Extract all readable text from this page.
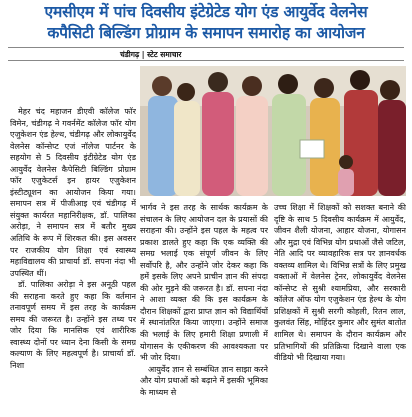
एमसीएम में पांच दिवसीय इंटेग्रेटेड योग एंड आयुर्वेद वेलनेस
कपैसिटी बिल्डिंग प्रोग्राम के समापन समारोह का आयोजन
चंडीगढ़ | स्टेट समाचार

मेहर चंद महाजन डीएवी कॉलेज फॉर विमेन, चंडीगढ़ ने गवर्नमेंट कॉलेज फॉर योग एजुकेशन एंड हेल्थ, चंडीगढ़ और लोकायुर्वेद वेलनेस कॉन्सेप्ट एजं नॉलेज पार्टनर के सहयोग से 5 दिवसीय इंटीग्रेटेड योग एंड आयुर्वेद वेलनेस कैपेसिटी बिल्डिंग प्रोग्राम फॉर एजुकेटर्स इन हायर एजुकेशन इंस्टीट्यूशन का आयोजन किया गया। समापन सत्र में पीजीआइ एवं चंडीगढ़ में संयुक्त कार्यरत महानिरीक्षक, डॉ. पालिका अरोड़ा, ने समापन सत्र में बतौर मुख्य अतिथि के रूप में शिरकत की। इस अवसर पर राजकीय योग शिक्षा एवं स्वास्थ्य महाविद्यालय की प्राचार्या डॉ. सपना नंदा भी उपस्थित थीं।

डॉ. पालिका अरोड़ा ने इस अनूठी पहल की सराहना करते हुए कहा कि वर्तमान तनावपूर्ण समय में इस तरह के कार्यक्रम समय की जरूरत है। उन्होंने इस तथ्य पर जोर दिया कि मानसिक एवं शारीरिक स्वास्थ्य दोनों पर ध्यान देना किसी के समग्र कल्याण के लिए महत्वपूर्ण है। प्राचार्या डॉ. निशा

भार्गव ने इस तरह के सार्थक कार्यक्रम के संचालन के लिए आयोजन दल के प्रयासों की सराहना की। उन्होंने इस पहल के महत्व पर प्रकाश डालते हुए कहा कि एक व्यक्ति की समग्र भलाई एक संपूर्ण जीवन के लिए सर्वोपरि है, और उन्होंने जोर देकर कहा कि हमें इसके लिए अपने प्राचीन ज्ञान की संपदा की ओर मुड़ने की जरूरत है। डॉ. सपना नंदा ने आशा व्यक्त की कि इस कार्यक्रम के दौरान शिक्षकों द्वारा प्राप्त ज्ञान को विद्यार्थियों में स्थानांतरित किया जाएगा। उन्होंने समाज की भलाई के लिए हमारी शिक्षा प्रणाली में योगासन के एकीकरण की आवश्यकता पर भी जोर दिया।

आयुर्वेद ज्ञान से सम्बंधित ज्ञान साझा करने और योग प्रथाओं को बढ़ाने में इसकी भूमिका के माध्यम से

उच्च शिक्षा में शिक्षकों को सशक्त बनाने की दृष्टि के साथ 5 दिवसीय कार्यक्रम में आयुर्वेद, जीवन शैली योजना, आहार योजना, योगासन और मुद्रा एवं विभिन्न योग प्रथाओं जैसे जटिल, नेति आदि पर व्यावहारिक सत्र पर ज्ञानवर्धक वक्तव्य शामिल थे। विभिन्न सत्रों के लिए प्रमुख वक्ताओं में वेलनेस ट्रेनर, लोकायुर्वेद वेलनेस कॉन्सेप्ट से सुश्री श्यामप्रिया, और सरकारी कॉलेज ऑफ योग एजुकेशन एंड हेल्थ के योग प्रशिक्षकों में सुश्री सरगी कोहली, रितन लाल, कुलवंत सिंह, मोहिंदर कुमार और सुमंत बातोत शामिल थे। समापन के दौरान कार्यक्रम और प्रतिभागियों की प्रतिक्रिया दिखाने वाला एक वीडियो भी दिखाया गया।
